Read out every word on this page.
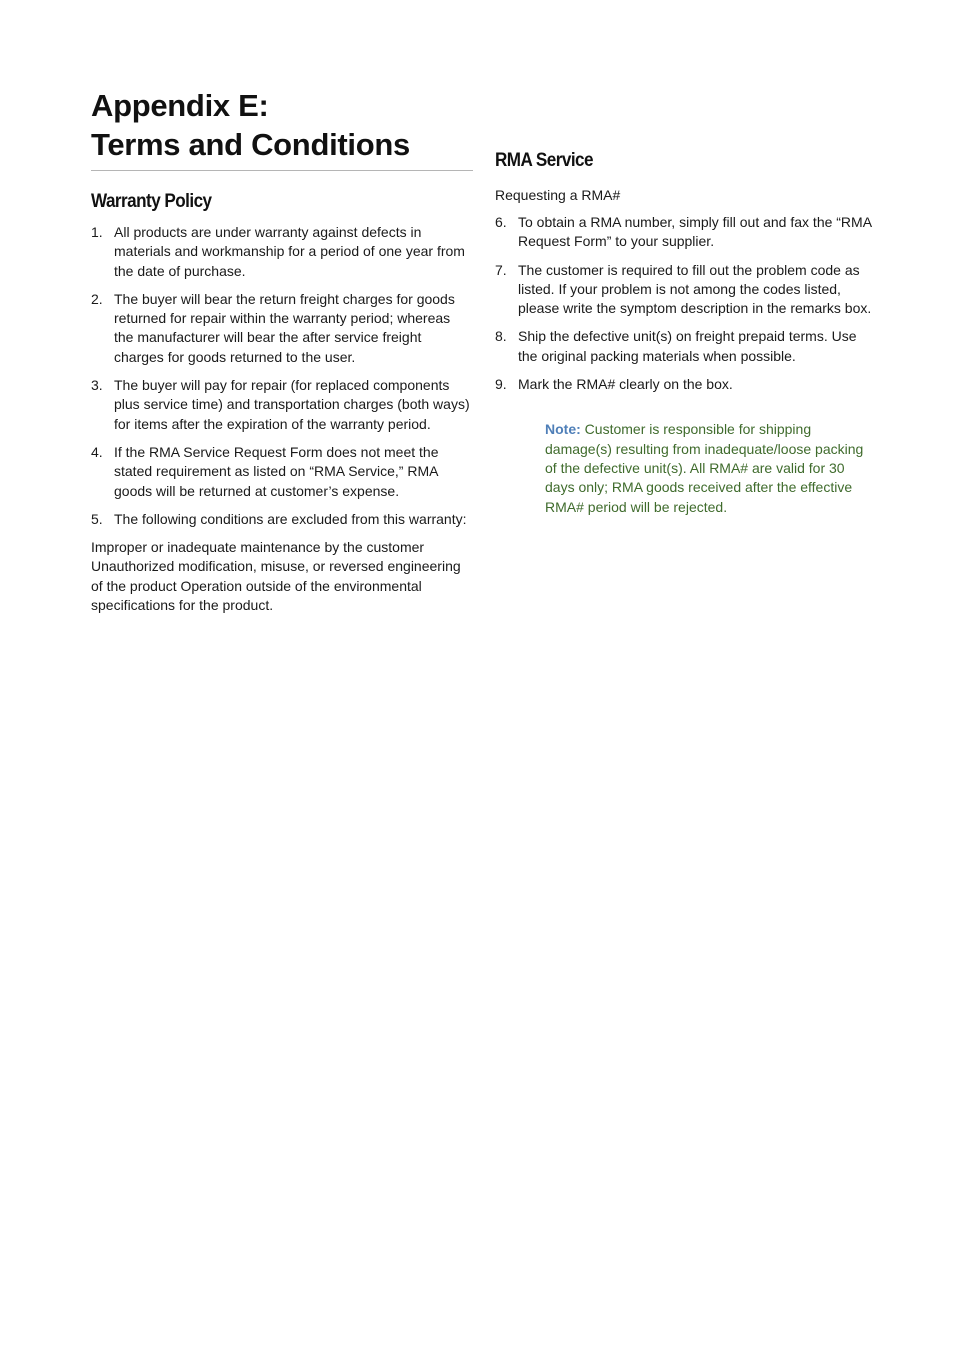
Appendix E:
Terms and Conditions
Warranty Policy
1. All products are under warranty against defects in materials and workmanship for a period of one year from the date of purchase.
2. The buyer will bear the return freight charges for goods returned for repair within the warranty period; whereas the manufacturer will bear the after service freight charges for goods returned to the user.
3. The buyer will pay for repair (for replaced components plus service time) and transportation charges (both ways) for items after the expiration of the warranty period.
4. If the RMA Service Request Form does not meet the stated requirement as listed on “RMA Service,” RMA goods will be returned at customer’s expense.
5. The following conditions are excluded from this warranty:

Improper or inadequate maintenance by the customer Unauthorized modification, misuse, or reversed engineering of the product Operation outside of the environmental specifications for the product.

RMA Service

Requesting a RMA#

6. To obtain a RMA number, simply fill out and fax the “RMA Request Form” to your supplier.
7. The customer is required to fill out the problem code as listed. If your problem is not among the codes listed, please write the symptom description in the remarks box.
8. Ship the defective unit(s) on freight prepaid terms. Use the original packing materials when possible.
9. Mark the RMA# clearly on the box.

Note: Customer is responsible for shipping damage(s) resulting from inadequate/loose packing of the defective unit(s). All RMA# are valid for 30 days only; RMA goods received after the effective RMA# period will be rejected.
